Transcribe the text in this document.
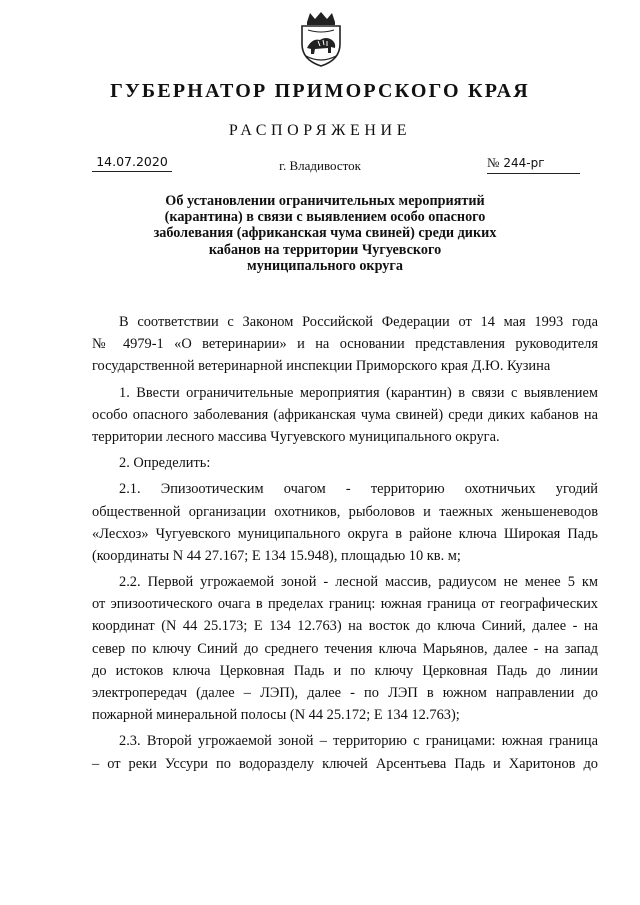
ГУБЕРНАТОР ПРИМОРСКОГО КРАЯ
РАСПОРЯЖЕНИЕ
14.07.2020	г. Владивосток	№ 244-рг
Об установлении ограничительных мероприятий
(карантина) в связи с выявлением особо опасного
заболевания (африканская чума свиней) среди диких
кабанов на территории Чугуевского
муниципального округа

В соответствии с Законом Российской Федерации от 14 мая 1993 года
№ 4979-1 «О ветеринарии» и на основании представления руководителя
государственной ветеринарной инспекции Приморского края Д.Ю. Кузина

1. Ввести ограничительные мероприятия (карантин) в связи с выявлением
особо опасного заболевания (африканская чума свиней) среди диких кабанов на
территории лесного массива Чугуевского муниципального округа.

2. Определить:

2.1. Эпизоотическим очагом - территорию охотничьих угодий
общественной организации охотников, рыболовов и таежных женьшеневодов
«Лесхоз» Чугуевского муниципального округа в районе ключа Широкая Падь
(координаты N 44 27.167; E 134 15.948), площадью 10 кв. м;

2.2. Первой угрожаемой зоной - лесной массив, радиусом не менее 5 км
от эпизоотического очага в пределах границ: южная граница от географических
координат (N 44 25.173; E 134 12.763) на восток до ключа Синий, далее - на
север по ключу Синий до среднего течения ключа Марьянов, далее - на запад
до истоков ключа Церковная Падь и по ключу Церковная Падь до линии
электропередач (далее – ЛЭП), далее - по ЛЭП в южном направлении до
пожарной минеральной полосы (N 44 25.172; E 134 12.763);

2.3. Второй угрожаемой зоной – территорию с границами: южная граница
– от реки Уссури по водоразделу ключей Арсентьева Падь и Харитонов до
